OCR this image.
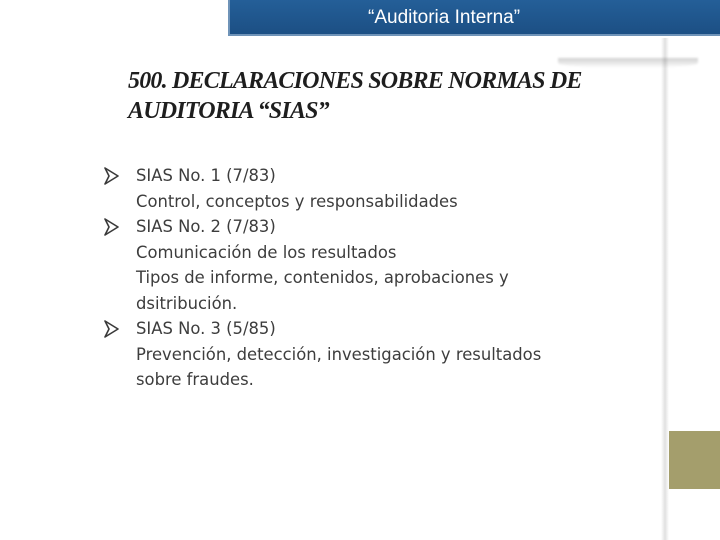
“Auditoria Interna”
500. DECLARACIONES SOBRE NORMAS DE
AUDITORIA “SIAS”
SIAS No. 1 (7/83)
Control, conceptos y responsabilidades
SIAS No. 2 (7/83)
Comunicación de los resultados
Tipos de informe, contenidos, aprobaciones y
dsitribución.
SIAS No. 3 (5/85)
Prevención, detección, investigación y resultados
sobre fraudes.
